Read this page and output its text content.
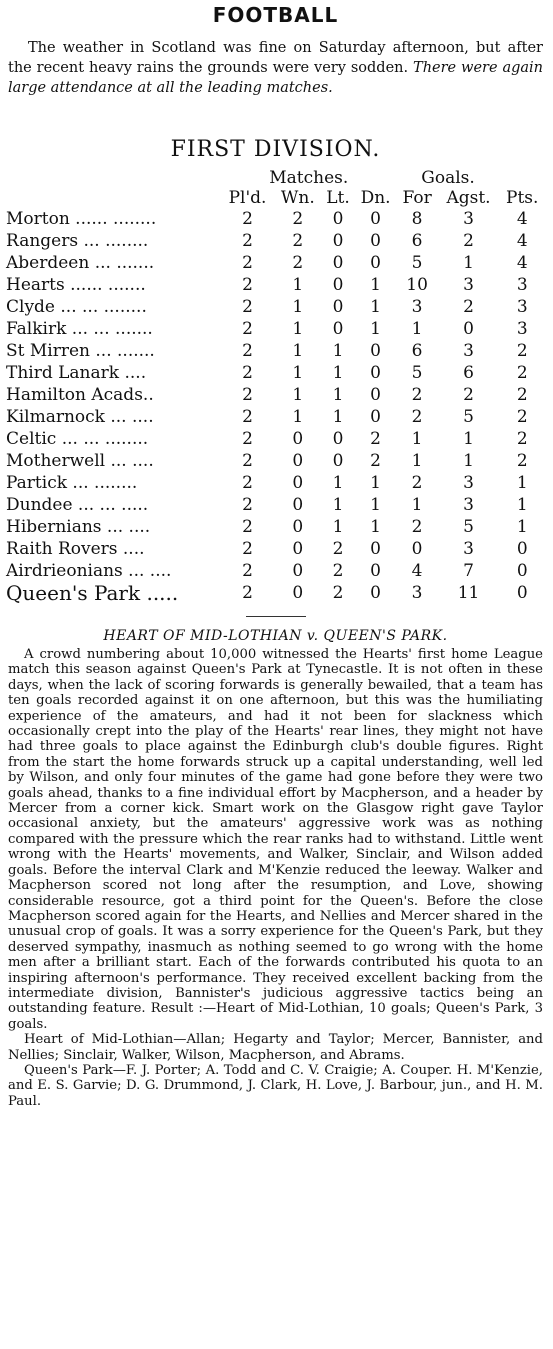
FOOTBALL
The weather in Scotland was fine on Saturday afternoon, but after the recent heavy rains the grounds were very sodden. There were again large attendance at all the leading matches.
FIRST DIVISION.
	Matches.				Goals.		
	Pl'd.	Wn.	Lt.	Dn.	For	Agst.	Pts.
Morton ...... ........	2	2	0	0	8	3	4
Rangers ... ........	2	2	0	0	6	2	4
Aberdeen ... .......	2	2	0	0	5	1	4
Hearts ...... .......	2	1	0	1	10	3	3
Clyde ... ... ........	2	1	0	1	3	2	3
Falkirk ... ... .......	2	1	0	1	1	0	3
St Mirren ... .......	2	1	1	0	6	3	2
Third Lanark ....	2	1	1	0	5	6	2
Hamilton Acads..	2	1	1	0	2	2	2
Kilmarnock ... ....	2	1	1	0	2	5	2
Celtic ... ... ........	2	0	0	2	1	1	2
Motherwell ... ....	2	0	0	2	1	1	2
Partick ... ........	2	0	1	1	2	3	1
Dundee ... ... .....	2	0	1	1	1	3	1
Hibernians ... ....	2	0	1	1	2	5	1
Raith Rovers ....	2	0	2	0	0	3	0
Airdrieonians ... ....	2	0	2	0	4	7	0
Queen's Park .....	2	0	2	0	3	11	0
HEART OF MID-LOTHIAN v. QUEEN'S PARK.

A crowd numbering about 10,000 witnessed the Hearts' first home League match this season against Queen's Park at Tynecastle. It is not often in these days, when the lack of scoring forwards is generally bewailed, that a team has ten goals recorded against it on one afternoon, but this was the humiliating experience of the amateurs, and had it not been for slackness which occasionally crept into the play of the Hearts' rear lines, they might not have had three goals to place against the Edinburgh club's double figures. Right from the start the home forwards struck up a capital understanding, well led by Wilson, and only four minutes of the game had gone before they were two goals ahead, thanks to a fine individual effort by Macpherson, and a header by Mercer from a corner kick. Smart work on the Glasgow right gave Taylor occasional anxiety, but the amateurs' aggressive work was as nothing compared with the pressure which the rear ranks had to withstand. Little went wrong with the Hearts' movements, and Walker, Sinclair, and Wilson added goals. Before the interval Clark and M'Kenzie reduced the leeway. Walker and Macpherson scored not long after the resumption, and Love, showing considerable resource, got a third point for the Queen's. Before the close Macpherson scored again for the Hearts, and Nellies and Mercer shared in the unusual crop of goals. It was a sorry experience for the Queen's Park, but they deserved sympathy, inasmuch as nothing seemed to go wrong with the home men after a brilliant start. Each of the forwards contributed his quota to an inspiring afternoon's performance. They received excellent backing from the intermediate division, Bannister's judicious aggressive tactics being an outstanding feature. Result :—Heart of Mid-Lothian, 10 goals; Queen's Park, 3 goals.

Heart of Mid-Lothian—Allan; Hegarty and Taylor; Mercer, Bannister, and Nellies; Sinclair, Walker, Wilson, Macpherson, and Abrams.

Queen's Park—F. J. Porter; A. Todd and C. V. Craigie; A. Couper. H. M'Kenzie, and E. S. Garvie; D. G. Drummond, J. Clark, H. Love, J. Barbour, jun., and H. M. Paul.
